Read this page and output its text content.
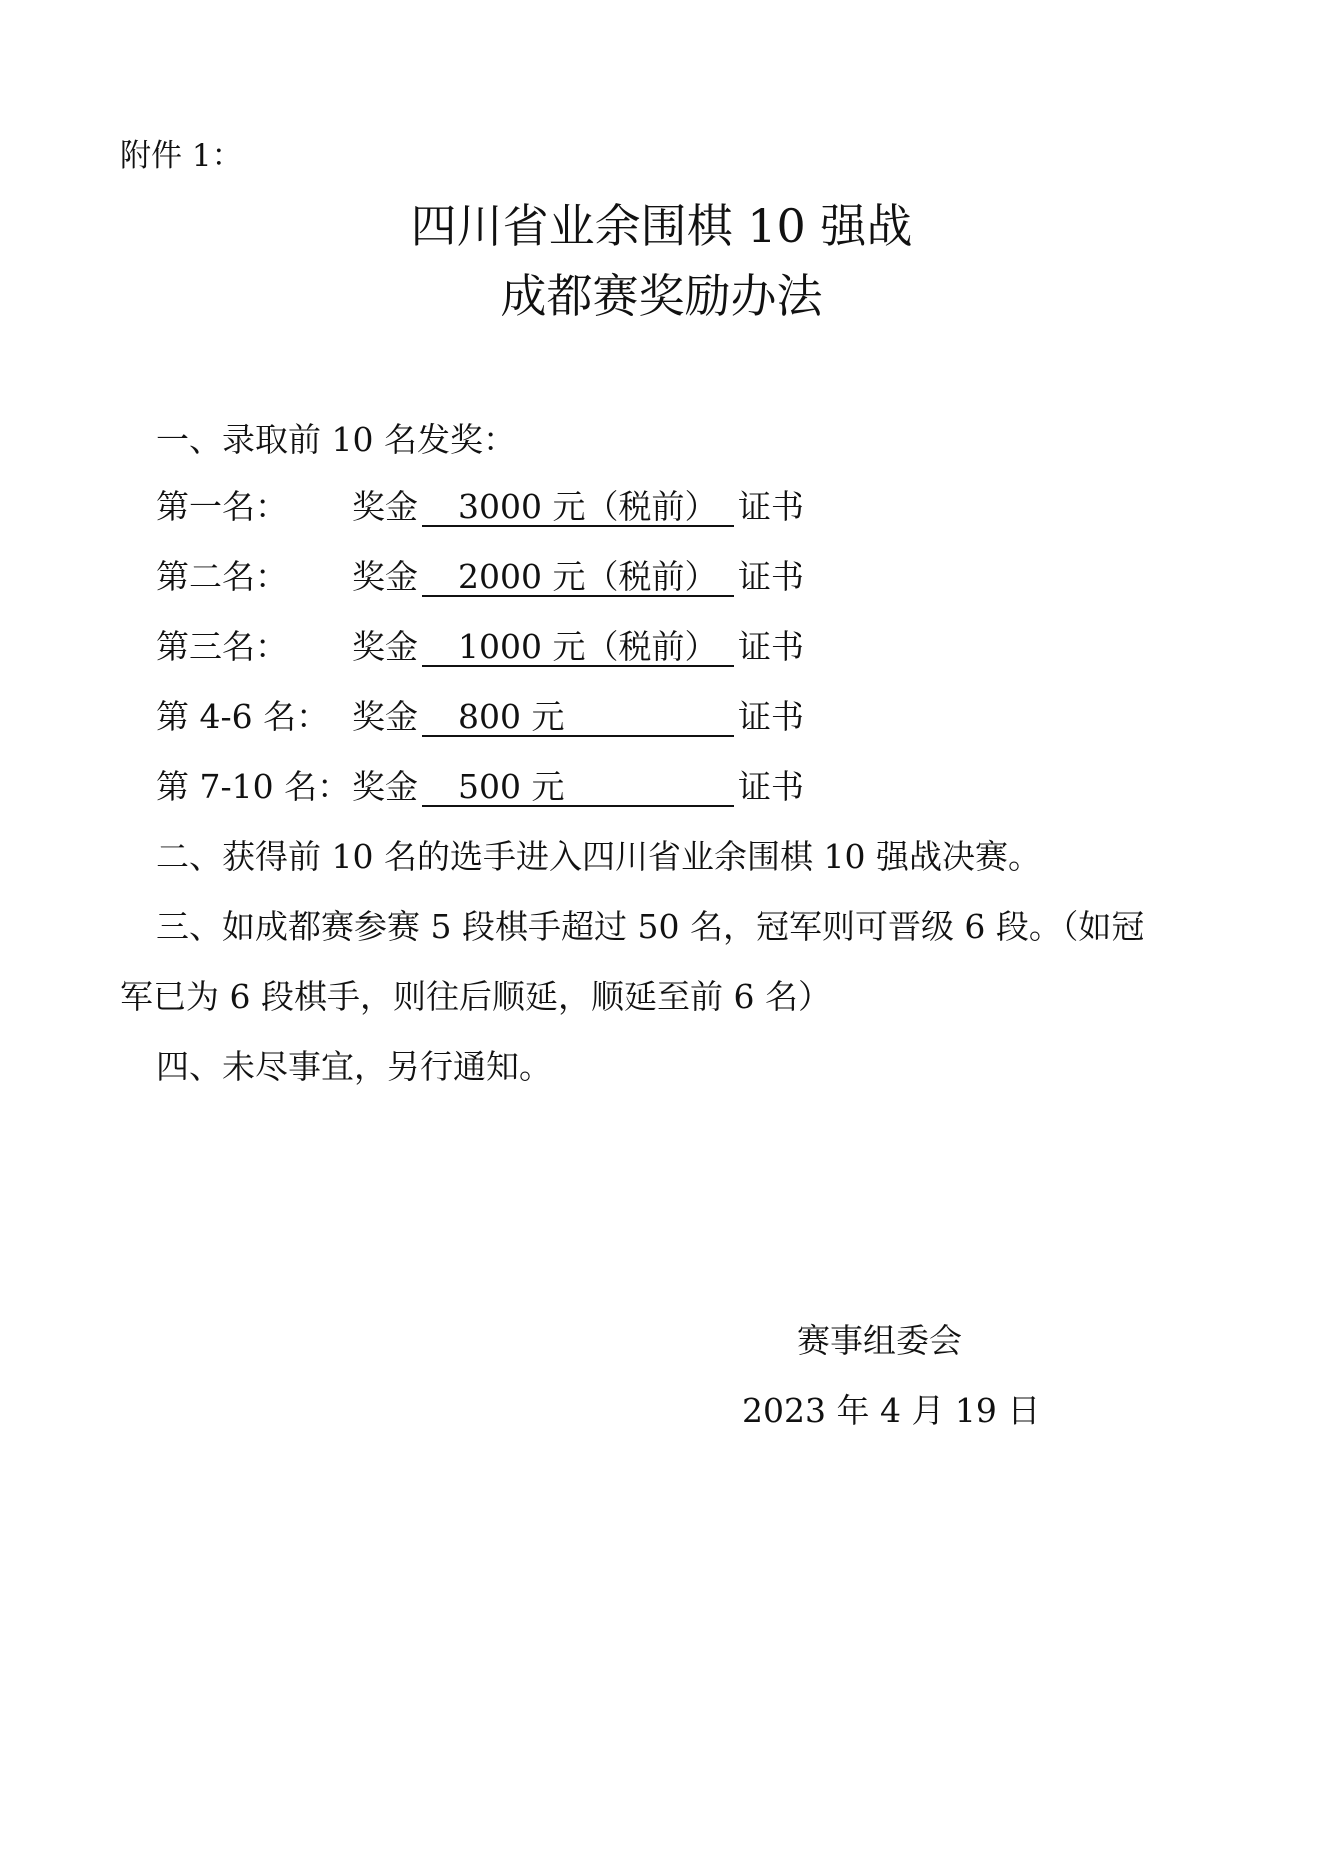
附件 1：
四川省业余围棋 10 强战
成都赛奖励办法
一、录取前 10 名发奖：
第一名： 奖金	3000 元（税前） 证书
第二名： 奖金	2000 元（税前） 证书
第三名： 奖金	1000 元（税前） 证书
第 4-6 名： 奖金	800 元	证书
第 7-10 名： 奖金	500 元	证书
二、获得前 10 名的选手进入四川省业余围棋 10 强战决赛。
三、如成都赛参赛 5 段棋手超过 50 名，冠军则可晋级 6 段。（如冠
军已为 6 段棋手，则往后顺延，顺延至前 6 名）
四、未尽事宜，另行通知。
赛事组委会
2023 年 4 月 19 日
